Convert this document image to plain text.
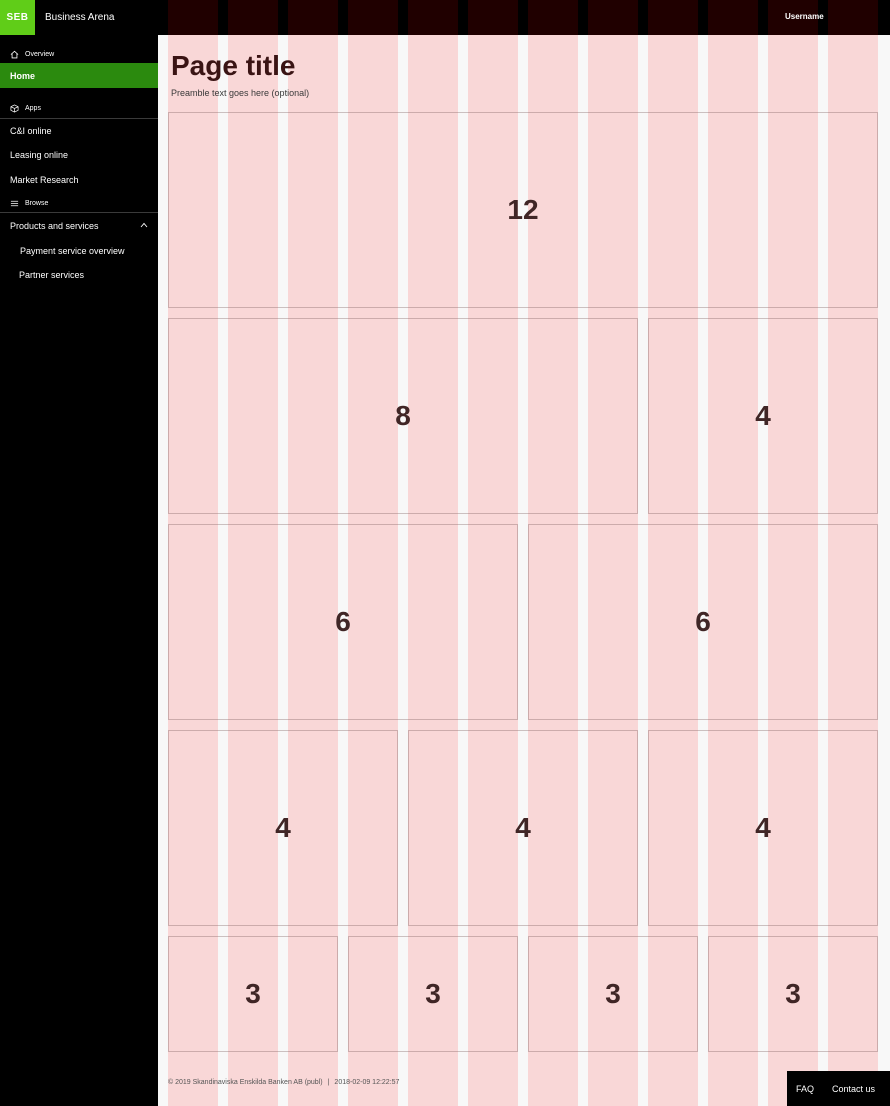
SEB	Business Arena	Username
Overview
Home
Apps
C&I online
Leasing online
Market Research
Browse
Products and services
Payment service overview
Partner services
Page title
Preamble text goes here (optional)
12
8	4
6	6
4	4	4
3	3	3	3
© 2019 Skandinaviska Enskilda Banken AB (publ) | 2018-02-09 12:22:57
FAQ	Contact us
